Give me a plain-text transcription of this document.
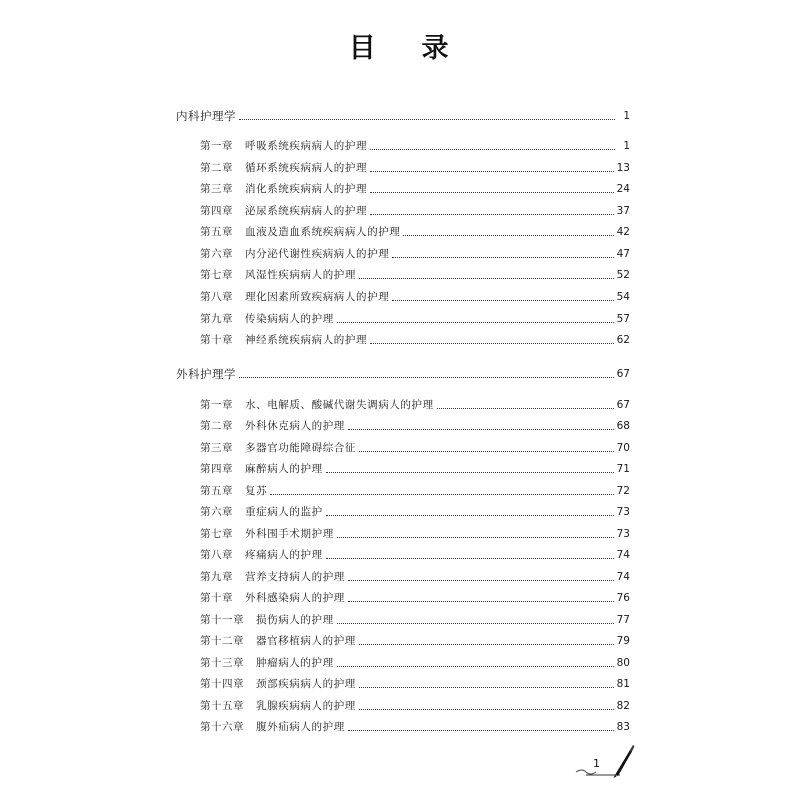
目 录
内科护理学	1
第一章 呼吸系统疾病病人的护理	1
第二章 循环系统疾病病人的护理	13
第三章 消化系统疾病病人的护理	24
第四章 泌尿系统疾病病人的护理	37
第五章 血液及造血系统疾病病人的护理	42
第六章 内分泌代谢性疾病病人的护理	47
第七章 风湿性疾病病人的护理	52
第八章 理化因素所致疾病病人的护理	54
第九章 传染病病人的护理	57
第十章 神经系统疾病病人的护理	62
外科护理学	67
第一章 水、电解质、酸碱代谢失调病人的护理	67
第二章 外科休克病人的护理	68
第三章 多器官功能障碍综合征	70
第四章 麻醉病人的护理	71
第五章 复苏	72
第六章 重症病人的监护	73
第七章 外科围手术期护理	73
第八章 疼痛病人的护理	74
第九章 营养支持病人的护理	74
第十章 外科感染病人的护理	76
第十一章 损伤病人的护理	77
第十二章 器官移植病人的护理	79
第十三章 肿瘤病人的护理	80
第十四章 颈部疾病病人的护理	81
第十五章 乳腺疾病病人的护理	82
第十六章 腹外疝病人的护理	83
1
